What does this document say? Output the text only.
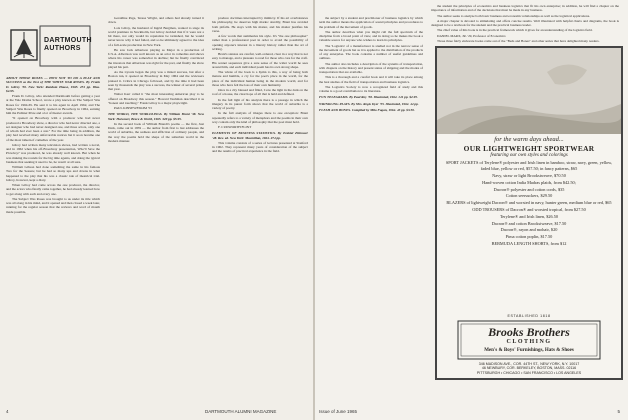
DARTMOUTH
AUTHORS

ABOUT THOSE ROSES — HOW NOT TO DO A PLAY AND SUCCEED as the Text of THE WHITE WAR ROSES. By Frank D. Gilroy '50. New York: Random House, 1965. 251 pp. Illus. $4.95.

Frank D. Gilroy, who attended Dartmouth before getting a year at the Yale Drama School, wrote a play known as The Subject Was Roses for 1964-65. He sent it to his agent in April 1962, and The Subject Was Roses is finally opened on Broadway in 1964, earning him the Pulitzer Prize and a lot of theater awards.

"It opened on Broadway with a producer who had never produced a Broadway show, a director who had never directed one, a set designer who had never designed one, and three actors, only one of whom had ever been a star." For the time being in addition, the play had received many unfavorable notices but it soon became one of the most talked-of comedies of the year.

Gilroy had written many television shows, had written a novel, and in 1962 when his off-Broadway presentation, Who'll Save the Plowboy? was produced, he was already well known. But when he was making the rounds for the big time agents, and doing the typical business that seeking it used to be, he wasn't at all sure.

William Gibson had done something the same in his famous Two for the Seesaw, but he had so many ups and downs in what happened to the play that his was a classic tale of theatrical trial. Gilroy, however, kept a diary.

When Gilroy had come across the one producer, the director, and the actors who finally came together, he had already learned how to get along with each and every one.

The Subject Was Roses was brought to us under its title which was all along in his mind, and it opened and then closed a week later, running for the regular season that the reviews and word of mouth made possible.

Geraldine Page, Teresa Wright, and others had already turned it down.

Lois Gilroy, the husband of Ingrid Bergman, wanted to stage its world premiere in Stockholm, but Gilroy decided that if it were not a hit there, not only would its reputation be tarnished, but he would never know why it had failed, and so he ultimately agreed to the idea of a full-scale production in New York.

He saw Jack Albertson playing as Major in a production of U.S.A. Albertson was well known as an actor in comedies and shows where his career was somewhat in decline; but he finally convinced the investors that Albertson was right for the part, and finally the show played his part.

As the tryouts began the play was a mixed success, but after a Boston run, it opened on Broadway in May 1964 and the reviewers praised it. Critics in Chicago followed, and by the time it had been seen by thousands the play was a success, the winner of several prizes that year.

Walter Kerr called it "the most interesting American play to be offered on Broadway this season." Howard Taubman described it as "honest and touching." Frank Gilroy is a major playwright.

PAUL KINSEWESKIM '53

THE WORLD, THE WORLDLINGS. By William Brant '38. New York: Harcourt, Brace & World, 1965. 320 pp. $5.95.

In the second book of William Brandt's poems — the first, Just Dark, came out in 1959 — the author from first to last addresses the world of suburbia, the sadness and affliction of ordinary people, and the way the poems hold the shape of the suburban world in the modern manner.

produce doctrines interrupted by mimicry. If his art overbalances his philosophy, he deserves high marks: sturdily, Brant has avoided both pitfalls. He stays with his matter, and his matter justifies his verse.

A few words that summarize his style. It's "the one philosopher" rather than a professional poet in order to avoid the possibility of opening anyone's interest in a literary history rather than the art of writing.

Brant's stanzas are careful, well-ordered, clear in a way that is not easy to manage, and a pleasure to read for those who care for the craft. His sonnet sequences give a sure sense of the wider world he sees around him, and each individual poem has its own strong shape.

The whole of the book is a hymn to this, a way of being both mature and humble, a cry for the poet's place in the world, for the place of the individual human being in the modern world, and for those who have felt the loss of their own humanity.

Once in a city blessed and filled, I saw the light in the dark on the roof of a house, the clear hope of all that is held and defined.

In the full light of his analysis there is a passage in which the imagery in its purest form shows that the world of suburbia is a variety of poetry.

In the full analysis of images there is one exception: Brant repeatedly refers to a variety of metaphors and the poems in their own way contain only the kind of philosophy that the poet must hold.

F. CUDWORTH FLINT

ELEMENTS OF BUSINESS STATISTICS. By Ezekiel Zittrower '28. Rev. ed. New York: Macmillan, 1964. 274 pp.

This volume consists of a series of lectures presented at Stanford in 1962. They represent many years of consideration of the subject and the results of practical experience in the field.

4	DARTMOUTH ALUMNI MAGAZINE

the subject by a student and practitioner of business logistics by which term the author means the application of sound principles and procedures to the problem of the movement of goods.

The author describes what you might call the full spectrum of the discipline from a broad point of view, and in doing so he makes the book a valuable source for anyone who wishes to learn its principles.

The 'Logistics' of a manufacturer is studied not in the narrow sense of the movement of goods but as it is applied to the distribution of the products of any enterprise. The book contains a number of useful guidelines and outlines.

The author also includes a description of the systems of transportation, with chapters on the history and present status of shipping and the modes of transportation that are available.

This is a thorough and a careful book and it will take its place among the best studies of the field of transportation and business logistics.

The Logistics Society is now a recognized field of study and this volume is a good contribution to its literature.

FUN TELEGRAMS. By Paul Roy '58. Illustrated, 1964. 141 pp. $2.95.

WRINKLING PLAYS. By Mrs. Regis Dyer '55. Illustrated, 1964. 44 pp.

FLESH AND BONES. Compiled by Milo Fagan, 1964. 43 pp. $3.50.

the student the principles of economics and business logistics that fit his own enterprise; in addition, he will find a chapter on the importance of information and of the decisions that must be made in any business.

The author seeks to analyze both basic business and economic relationships as well as the logistical applications.

A major chapter is devoted to stimulating and offers concise results. Well illustrated with helpful charts and diagrams, the book is designed to be a textbook for the student and the practical business leader.

The chief value of this book is in the practical framework which it gives for an understanding of the logistics field.

DANIEL MARX, JR. '29, Professor of Economics

Those three fairly elaborate books come out of the "Beds and Bones" and other series that have delighted many readers.

for the warm days ahead...
OUR LIGHTWEIGHT SPORTWEAR
featuring our own styles and colorings
SPORT JACKETS of Terylene® polyester and Irish linen in bamboo, straw, navy, green, yellow, faded blue, yellow or red, $57.50; in fancy patterns, $65
Navy, straw or light Brookstweave, $70.50
Hand-woven cotton India Madras plaids, from $42.50;
Dacron® polyester and cotton cords, $35
Cotton seersuckers, $29.50
BLAZERS of lightweight Dacron® and worsted in navy, hunter green, medium blue or red, $65
ODD TROUSERS of Dacron® and worsted tropical, from $27.50
Terylene® and Irish linen, $26.50
Dacron® and cotton Brookstweave, $17.50
Dacron®, rayon and mohair, $20
Pima cotton poplin, $17.50
BERMUDA LENGTH SHORTS, from $12
ESTABLISHED 1818
Brooks Brothers
CLOTHING
Men's & Boys' Furnishings, Hats & Shoes
346 MADISON AVE., COR. 44TH ST., NEW YORK, N.Y. 10017
46 NEWBURY, COR. BERKELEY, BOSTON, MASS. 02116
PITTSBURGH • CHICAGO • SAN FRANCISCO • LOS ANGELES
Issue of June 1965	5
